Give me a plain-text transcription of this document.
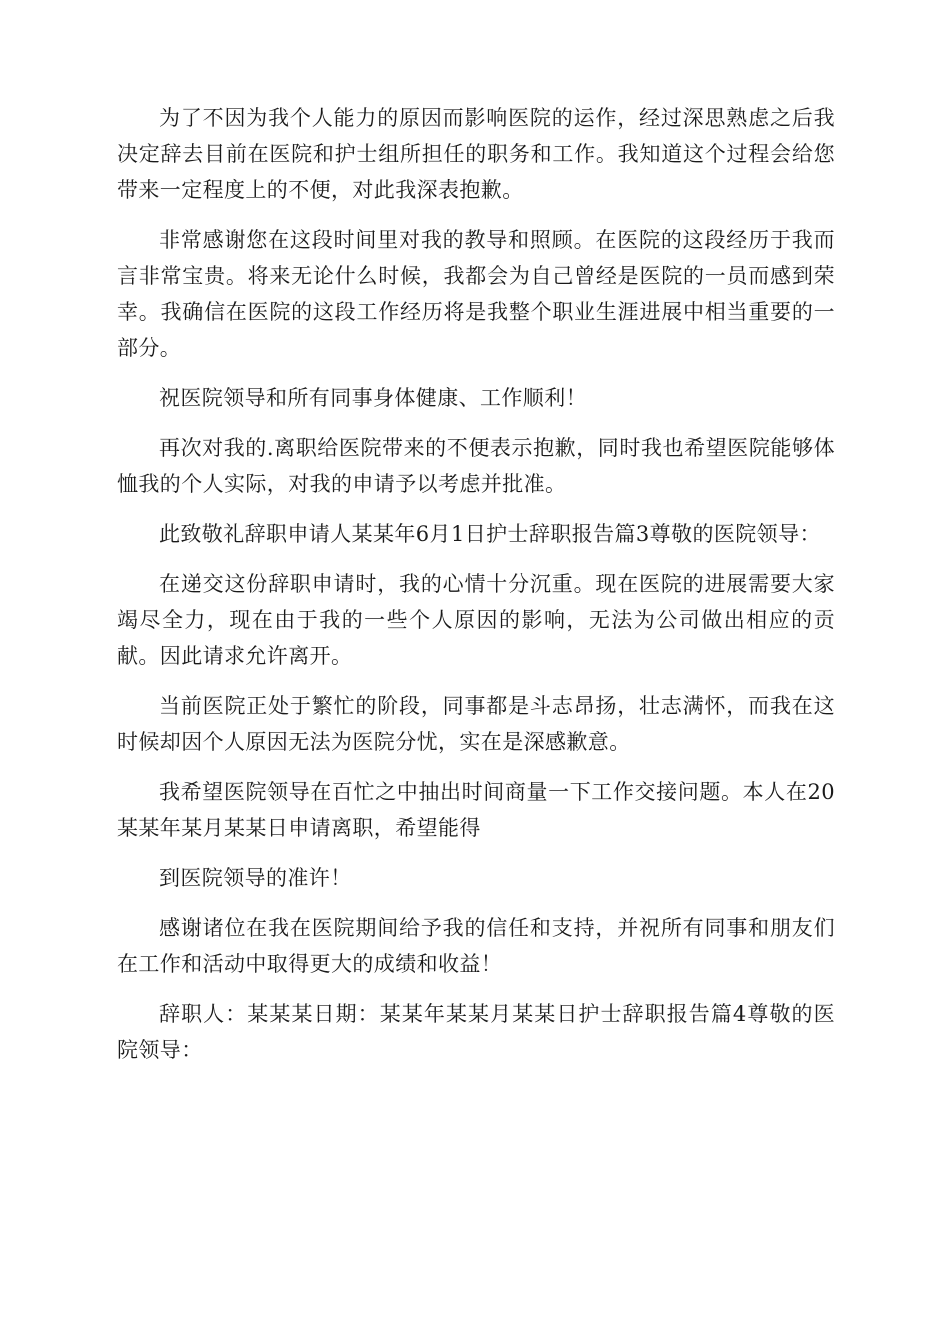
为了不因为我个人能力的原因而影响医院的运作，经过深思熟虑之后我决定辞去目前在医院和护士组所担任的职务和工作。我知道这个过程会给您带来一定程度上的不便，对此我深表抱歉。

非常感谢您在这段时间里对我的教导和照顾。在医院的这段经历于我而言非常宝贵。将来无论什么时候，我都会为自己曾经是医院的一员而感到荣幸。我确信在医院的这段工作经历将是我整个职业生涯进展中相当重要的一部分。

祝医院领导和所有同事身体健康、工作顺利！

再次对我的.离职给医院带来的不便表示抱歉，同时我也希望医院能够体恤我的个人实际，对我的申请予以考虑并批准。

此致敬礼辞职申请人某某年6月1日护士辞职报告篇3尊敬的医院领导：

在递交这份辞职申请时，我的心情十分沉重。现在医院的进展需要大家竭尽全力，现在由于我的一些个人原因的影响，无法为公司做出相应的贡献。因此请求允许离开。

当前医院正处于繁忙的阶段，同事都是斗志昂扬，壮志满怀，而我在这时候却因个人原因无法为医院分忧，实在是深感歉意。

我希望医院领导在百忙之中抽出时间商量一下工作交接问题。本人在20某某年某月某某日申请离职，希望能得

到医院领导的准许！

感谢诸位在我在医院期间给予我的信任和支持，并祝所有同事和朋友们在工作和活动中取得更大的成绩和收益！

辞职人：某某某日期：某某年某某月某某日护士辞职报告篇4尊敬的医院领导：
